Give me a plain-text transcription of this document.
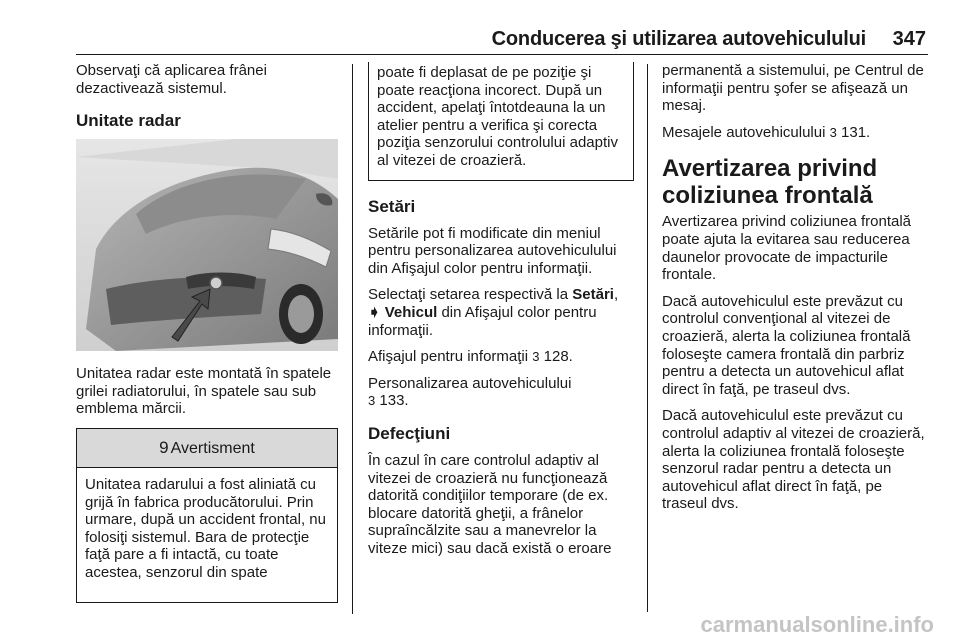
Conducerea şi utilizarea autovehiculului	347

Observaţi că aplicarea frânei dezactivează sistemul.

Unitate radar

Unitatea radar este montată în spatele grilei radiatorului, în spatele sau sub emblema mărcii.

9 Avertisment
Unitatea radarului a fost aliniată cu grijă în fabrica producătorului. Prin urmare, după un accident frontal, nu folosiţi sistemul. Bara de protecţie faţă pare a fi intactă, cu toate acestea, senzorul din spate
poate fi deplasat de pe poziţie şi poate reacţiona incorect. După un accident, apelaţi întotdeauna la un atelier pentru a verifica şi corecta poziţia senzorului controlului adaptiv al vitezei de croazieră.
Setări

Setările pot fi modificate din meniul pentru personalizarea autovehiculului din Afişajul color pentru informaţii.

Selectaţi setarea respectivă la Setări, ➧ Vehicul din Afişajul color pentru informaţii.

Afişajul pentru informaţii 3 128.

Personalizarea autovehiculului
3 133.

Defecţiuni

În cazul în care controlul adaptiv al vitezei de croazieră nu funcţionează datorită condiţiilor temporare (de ex. blocare datorită gheţii, a frânelor supraîncălzite sau a manevrelor la viteze mici) sau dacă există o eroare

permanentă a sistemului, pe Centrul de informaţii pentru şofer se afişează un mesaj.

Mesajele autovehiculului 3 131.

Avertizarea privind coliziunea frontală

Avertizarea privind coliziunea frontală poate ajuta la evitarea sau reducerea daunelor provocate de impacturile frontale.

Dacă autovehiculul este prevăzut cu controlul convenţional al vitezei de croazieră, alerta la coliziunea frontală foloseşte camera frontală din parbriz pentru a detecta un autovehicul aflat direct în faţă, pe traseul dvs.

Dacă autovehiculul este prevăzut cu controlul adaptiv al vitezei de croazieră, alerta la coliziunea frontală foloseşte senzorul radar pentru a detecta un autovehicul aflat direct în faţă, pe traseul dvs.

carmanualsonline.info
